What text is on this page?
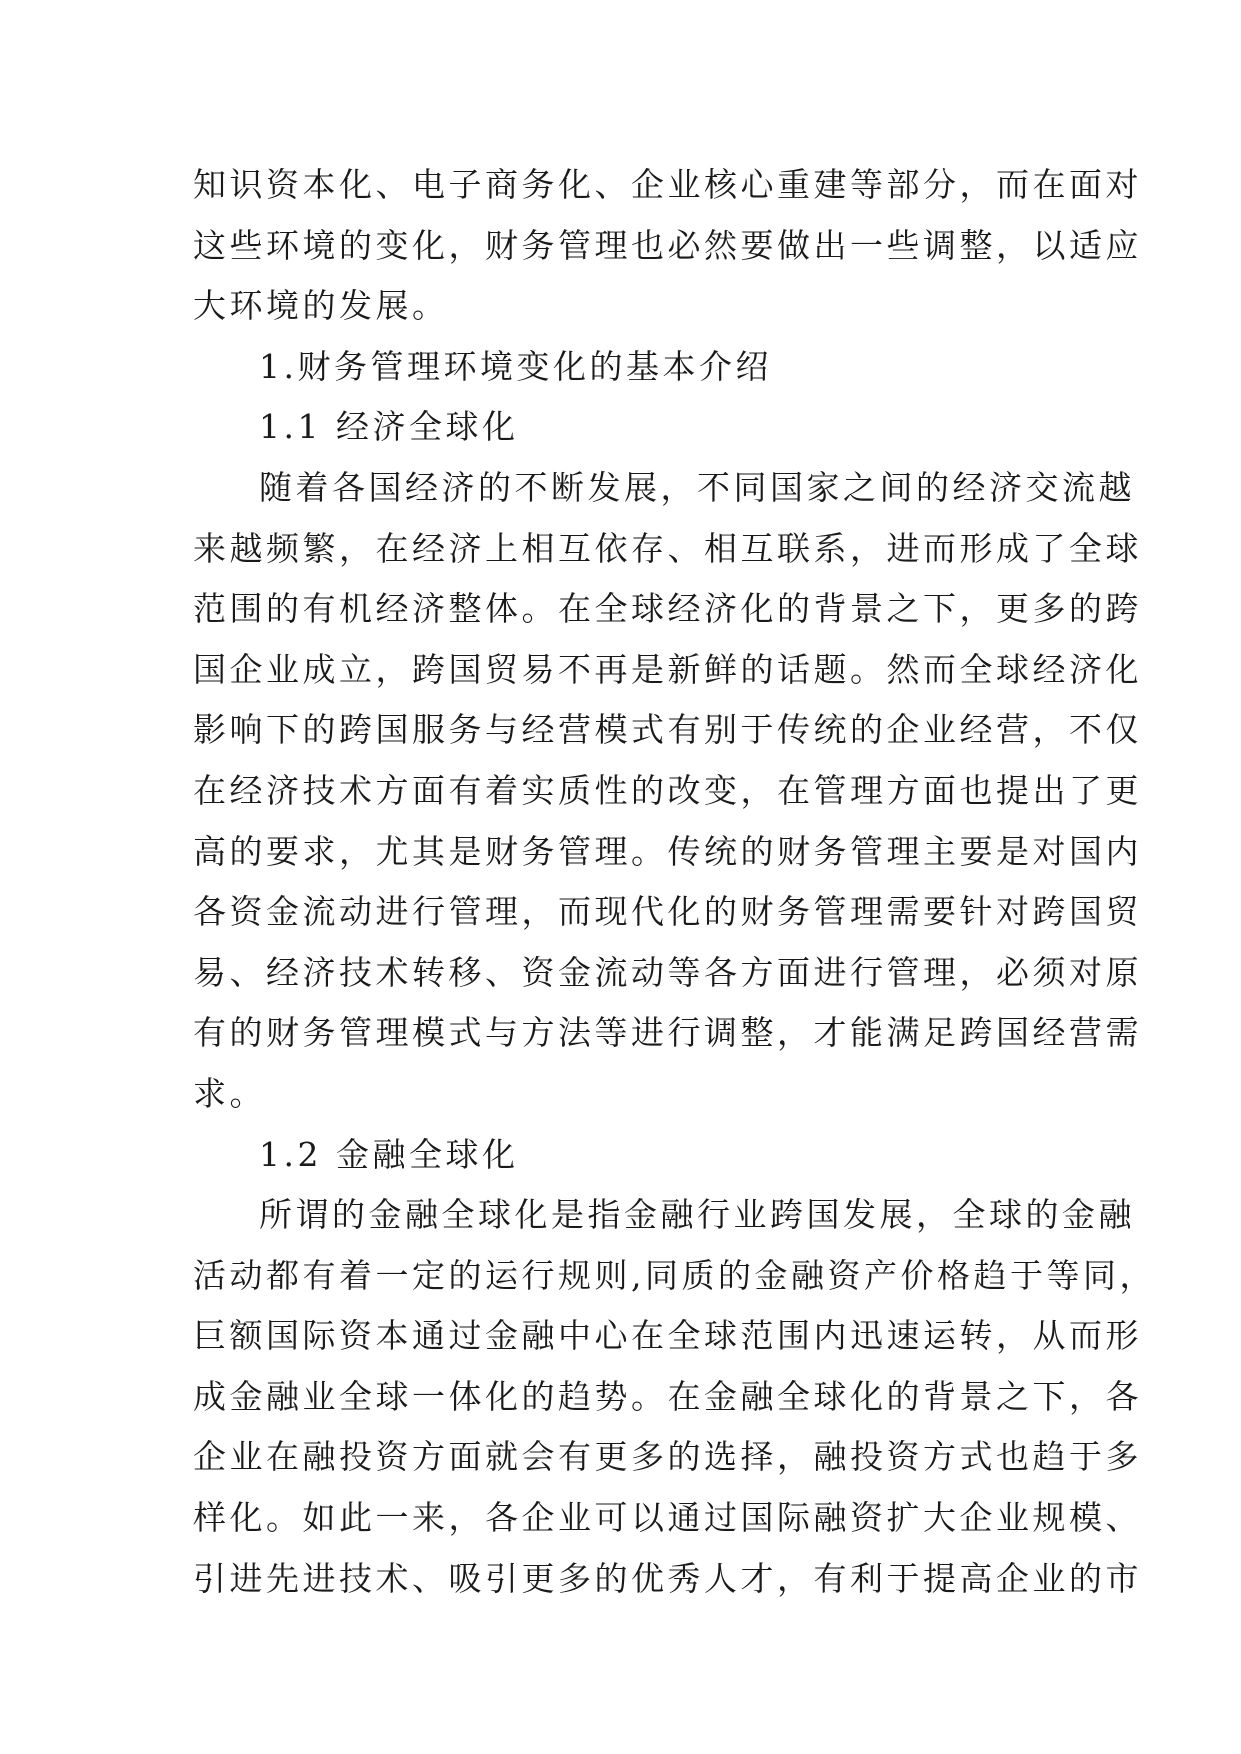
知识资本化、电子商务化、企业核心重建等部分，而在面对
这些环境的变化，财务管理也必然要做出一些调整，以适应
大环境的发展。
1.财务管理环境变化的基本介绍
1.1 经济全球化
随着各国经济的不断发展，不同国家之间的经济交流越
来越频繁，在经济上相互依存、相互联系，进而形成了全球
范围的有机经济整体。在全球经济化的背景之下，更多的跨
国企业成立，跨国贸易不再是新鲜的话题。然而全球经济化
影响下的跨国服务与经营模式有别于传统的企业经营，不仅
在经济技术方面有着实质性的改变，在管理方面也提出了更
高的要求，尤其是财务管理。传统的财务管理主要是对国内
各资金流动进行管理，而现代化的财务管理需要针对跨国贸
易、经济技术转移、资金流动等各方面进行管理，必须对原
有的财务管理模式与方法等进行调整，才能满足跨国经营需
求。
1.2 金融全球化
所谓的金融全球化是指金融行业跨国发展，全球的金融
活动都有着一定的运行规则,同质的金融资产价格趋于等同，
巨额国际资本通过金融中心在全球范围内迅速运转，从而形
成金融业全球一体化的趋势。在金融全球化的背景之下，各
企业在融投资方面就会有更多的选择，融投资方式也趋于多
样化。如此一来，各企业可以通过国际融资扩大企业规模、
引进先进技术、吸引更多的优秀人才，有利于提高企业的市
